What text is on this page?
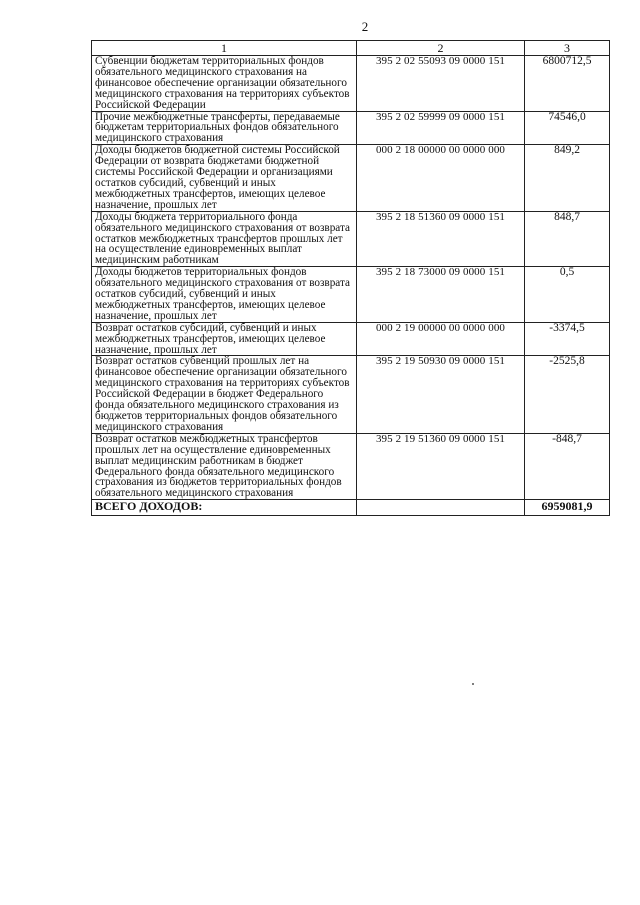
2
1	2	3
Субвенции бюджетам территориальных фондов обязательного медицинского страхования на финансовое обеспечение организации обязательного медицинского страхования на территориях субъектов Российской Федерации	395 2 02 55093 09 0000 151	6800712,5
Прочие межбюджетные трансферты, передаваемые бюджетам территориальных фондов обязательного медицинского страхования	395 2 02 59999 09 0000 151	74546,0
Доходы бюджетов бюджетной системы Российской Федерации от возврата бюджетами бюджетной системы Российской Федерации и организациями остатков субсидий, субвенций и иных межбюджетных трансфертов, имеющих целевое назначение, прошлых лет	000 2 18 00000 00 0000 000	849,2
Доходы бюджета территориального фонда обязательного медицинского страхования от возврата остатков межбюджетных трансфертов прошлых лет на осуществление единовременных выплат медицинским работникам	395 2 18 51360 09 0000 151	848,7
Доходы бюджетов территориальных фондов обязательного медицинского страхования от возврата остатков субсидий, субвенций и иных межбюджетных трансфертов, имеющих целевое назначение, прошлых лет	395 2 18 73000 09 0000 151	0,5
Возврат остатков субсидий, субвенций и иных межбюджетных трансфертов, имеющих целевое назначение, прошлых лет	000 2 19 00000 00 0000 000	-3374,5
Возврат остатков субвенций прошлых лет на финансовое обеспечение организации обязательного медицинского страхования на территориях субъектов Российской Федерации в бюджет Федерального фонда обязательного медицинского страхования из бюджетов территориальных фондов обязательного медицинского страхования	395 2 19 50930 09 0000 151	-2525,8
Возврат остатков межбюджетных трансфертов прошлых лет на осуществление единовременных выплат медицинским работникам в бюджет Федерального фонда обязательного медицинского страхования из бюджетов территориальных фондов обязательного медицинского страхования	395 2 19 51360 09 0000 151	-848,7
ВСЕГО ДОХОДОВ:		6959081,9
